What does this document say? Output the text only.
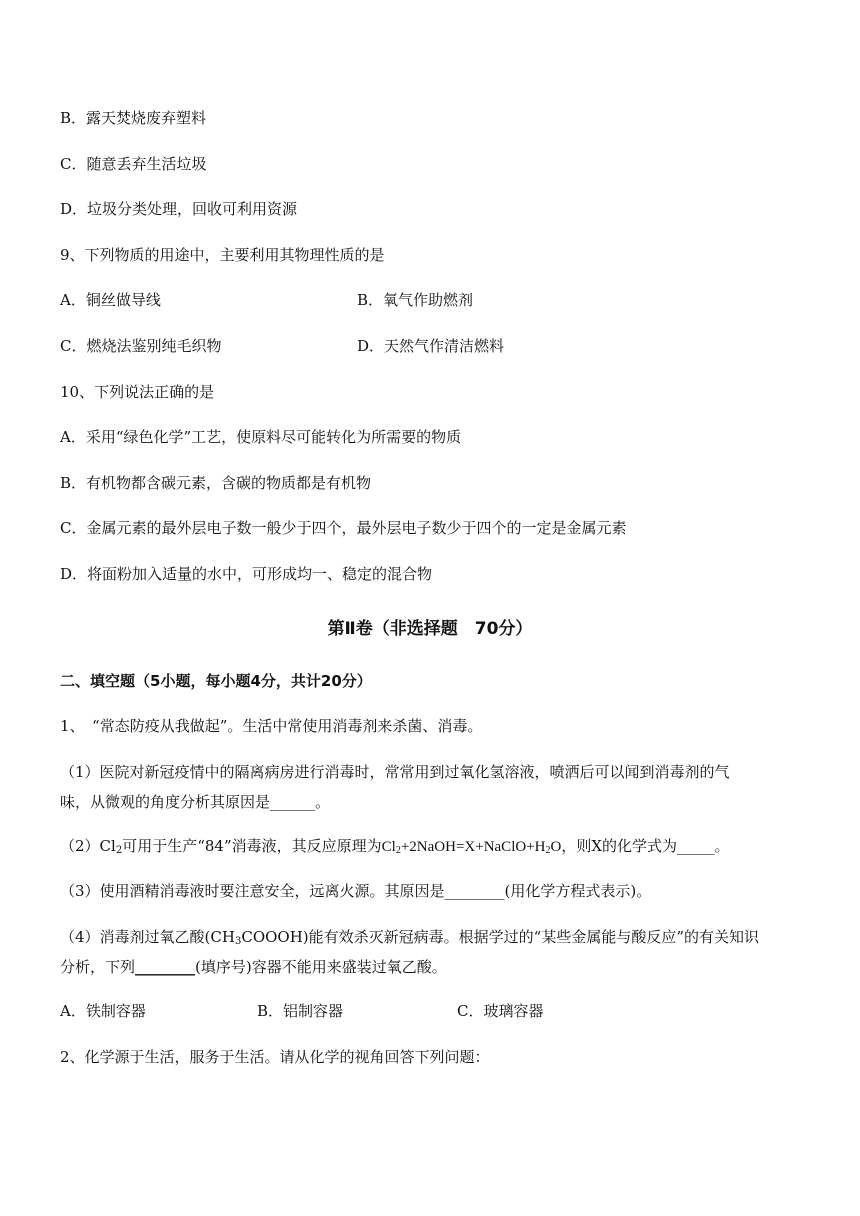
B．露天焚烧废弃塑料
C．随意丢弃生活垃圾
D．垃圾分类处理，回收可利用资源
9、下列物质的用途中，主要利用其物理性质的是
A．铜丝做导线	B．氧气作助燃剂
C．燃烧法鉴别纯毛织物	D．天然气作清洁燃料
10、下列说法正确的是
A．采用“绿色化学”工艺，使原料尽可能转化为所需要的物质
B．有机物都含碳元素，含碳的物质都是有机物
C．金属元素的最外层电子数一般少于四个，最外层电子数少于四个的一定是金属元素
D．将面粉加入适量的水中，可形成均一、稳定的混合物
第Ⅱ卷（非选择题　70分）
二、填空题（5小题，每小题4分，共计20分）
1、　“常态防疫从我做起”。生活中常使用消毒剂来杀菌、消毒。
（1）医院对新冠疫情中的隔离病房进行消毒时，常常用到过氧化氢溶液，喷洒后可以闻到消毒剂的气
味，从微观的角度分析其原因是______。
$(2)Cl_2$可用于生产“84”消毒液，其反应原理为$Cl_2+2NaOH=X+NaClO+H_2O$，则X的化学式为_____。
（3）使用酒精消毒液时要注意安全，远离火源。其原因是________(用化学方程式表示)。
（4）消毒剂过氧乙酸$(CH_3COOOH)$能有效杀灭新冠病毒。根据学过的“某些金属能与酸反应”的有关知识
分析，下列________(填序号)容器不能用来盛装过氧乙酸。
A．铁制容器	B．铝制容器	C．玻璃容器
2、化学源于生活，服务于生活。请从化学的视角回答下列问题：
